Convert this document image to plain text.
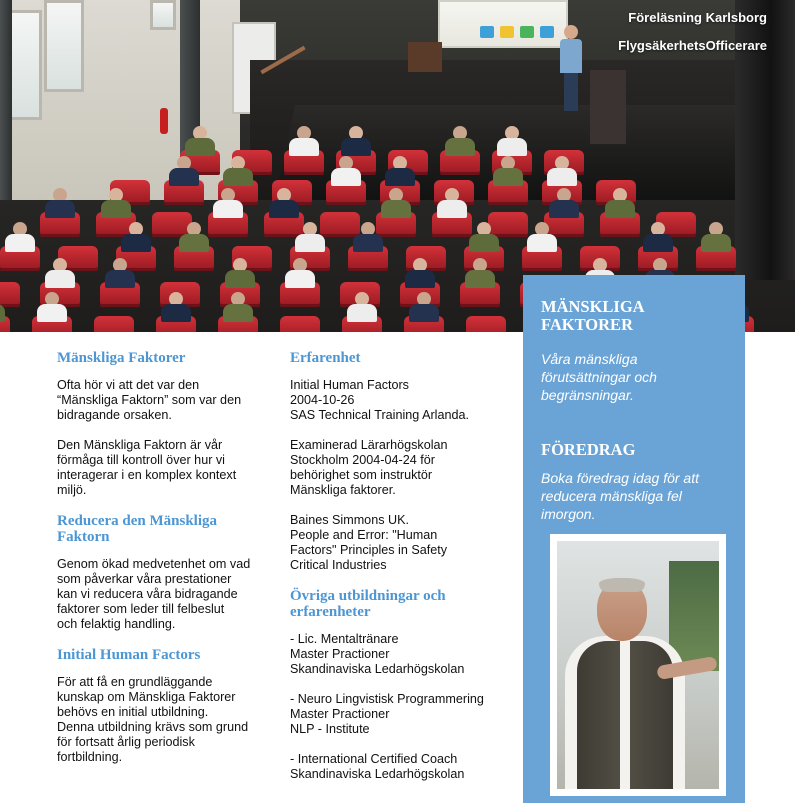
Föreläsning Karlsborg
FlygsäkerhetsOfficerare
Mänskliga Faktorer
Ofta hör vi att det var den
“Mänskliga Faktorn” som var den
bidragande orsaken.
Den Mänskliga Faktorn är vår
förmåga till kontroll över hur vi
interagerar i en komplex kontext
miljö.
Reducera den Mänskliga
Faktorn
Genom ökad medvetenhet om vad
som påverkar våra prestationer
kan vi reducera våra bidragande
faktorer som leder till felbeslut
och felaktig handling.
Initial Human Factors
För att få en grundläggande
kunskap om Mänskliga Faktorer
behövs en initial utbildning.
Denna utbildning krävs som grund
för fortsatt årlig periodisk
fortbildning.
Erfarenhet
Initial Human Factors
2004-10-26
SAS Technical Training Arlanda.
Examinerad Lärarhögskolan
Stockholm 2004-04-24 för
behörighet som instruktör
Mänskliga faktorer.
Baines Simmons UK.
People and Error: "Human
Factors" Principles in Safety
Critical Industries
Övriga utbildningar och
erfarenheter
- Lic. Mentaltränare
Master Practioner
Skandinaviska Ledarhögskolan
- Neuro Lingvistisk Programmering
Master Practioner
NLP - Institute
- International Certified Coach
Skandinaviska Ledarhögskolan
MÄNSKLIGA
FAKTORER
Våra mänskliga
förutsättningar och
begränsningar.
FÖREDRAG
Boka föredrag idag för att
reducera mänskliga fel
imorgon.
